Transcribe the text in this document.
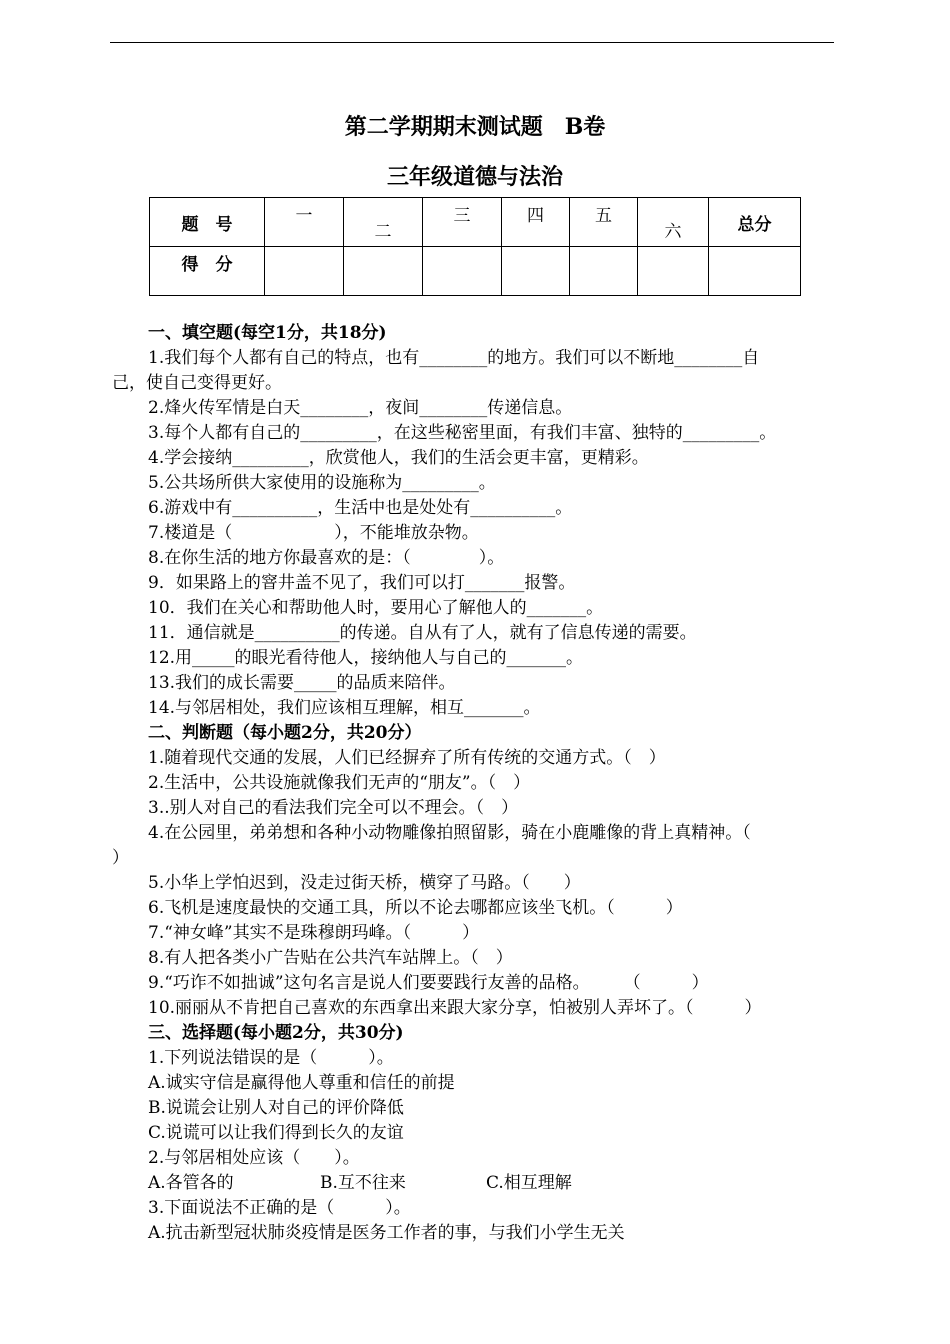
第二学期期末测试题　B卷
三年级道德与法治
题　号	一	二	三	四	五	六	总分

得　分							

一、填空题(每空1分，共18分)
1.我们每个人都有自己的特点，也有________的地方。我们可以不断地________自
己，使自己变得更好。
2.烽火传军情是白天________，夜间________传递信息。
3.每个人都有自己的_________，在这些秘密里面，有我们丰富、独特的_________。
4.学会接纳_________，欣赏他人，我们的生活会更丰富，更精彩。
5.公共场所供大家使用的设施称为_________。
6.游戏中有__________，生活中也是处处有__________。
7.楼道是（　　　　　　），不能堆放杂物。
8.在你生活的地方你最喜欢的是：（　　　　）。
9．如果路上的窨井盖不见了，我们可以打_______报警。
10．我们在关心和帮助他人时，要用心了解他人的_______。
11．通信就是__________的传递。自从有了人，就有了信息传递的需要。
12.用_____的眼光看待他人，接纳他人与自己的_______。
13.我们的成长需要_____的品质来陪伴。
14.与邻居相处，我们应该相互理解，相互_______。
二、判断题（每小题2分，共20分）
1.随着现代交通的发展，人们已经摒弃了所有传统的交通方式。（　）
2.生活中，公共设施就像我们无声的“朋友”。（　）
3..别人对自己的看法我们完全可以不理会。（　）
4.在公园里，弟弟想和各种小动物雕像拍照留影，骑在小鹿雕像的背上真精神。（
）
5.小华上学怕迟到，没走过街天桥，横穿了马路。（　　）
6.飞机是速度最快的交通工具，所以不论去哪都应该坐飞机。（　　　）
7.“神女峰”其实不是珠穆朗玛峰。（　　　）
8.有人把各类小广告贴在公共汽车站牌上。（　）
9.“巧诈不如拙诚”这句名言是说人们要要践行友善的品格。　　　（　　　）
10.丽丽从不肯把自己喜欢的东西拿出来跟大家分享，怕被别人弄坏了。（　　　）
三、选择题(每小题2分，共30分)
1.下列说法错误的是（　　　）。
A.诚实守信是赢得他人尊重和信任的前提
B.说谎会让别人对自己的评价降低
C.说谎可以让我们得到长久的友谊
2.与邻居相处应该（　　）。
A.各管各的	B.互不往来	C.相互理解
3.下面说法不正确的是（　　　）。
A.抗击新型冠状肺炎疫情是医务工作者的事，与我们小学生无关
